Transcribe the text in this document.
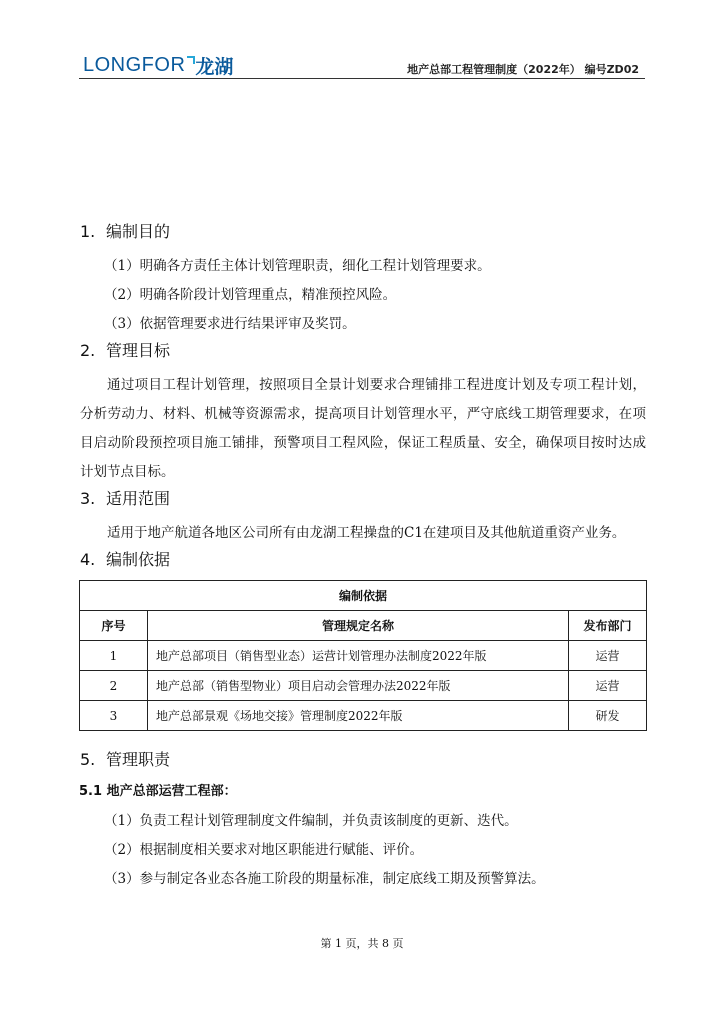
LONGFOR 龙湖	地产总部工程管理制度（2022年） 编号ZD02
1. 编制目的

（1）明确各方责任主体计划管理职责，细化工程计划管理要求。

（2）明确各阶段计划管理重点，精准预控风险。

（3）依据管理要求进行结果评审及奖罚。

2. 管理目标

通过项目工程计划管理，按照项目全景计划要求合理铺排工程进度计划及专项工程计划，分析劳动力、材料、机械等资源需求，提高项目计划管理水平，严守底线工期管理要求，在项目启动阶段预控项目施工铺排，预警项目工程风险，保证工程质量、安全，确保项目按时达成计划节点目标。

3. 适用范围

适用于地产航道各地区公司所有由龙湖工程操盘的C1在建项目及其他航道重资产业务。

4. 编制依据
编制依据		
序号	管理规定名称	发布部门
1	地产总部项目（销售型业态）运营计划管理办法制度2022年版	运营
2	地产总部（销售型物业）项目启动会管理办法2022年版	运营
3	地产总部景观《场地交接》管理制度2022年版	研发
5. 管理职责
5.1 地产总部运营工程部：

（1）负责工程计划管理制度文件编制，并负责该制度的更新、迭代。

（2）根据制度相关要求对地区职能进行赋能、评价。

（3）参与制定各业态各施工阶段的期量标准，制定底线工期及预警算法。

第 1 页，共 8 页
